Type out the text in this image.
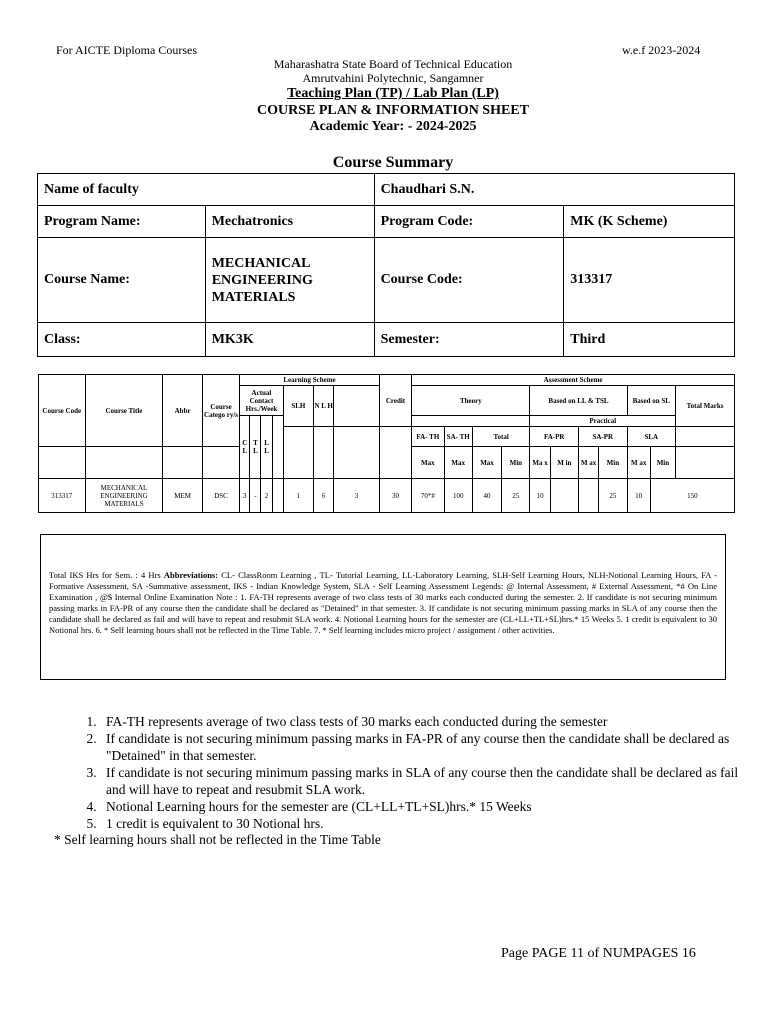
For AICTE Diploma Courses	w.e.f 2023-2024
Maharashatra State Board of Technical Education
Amrutvahini Polytechnic, Sangamner
Teaching Plan (TP) / Lab Plan (LP)
COURSE PLAN & INFORMATION SHEET
Academic Year: - 2024-2025
Course Summary
Name of faculty		Chaudhari S.N.	
Program Name:	Mechatronics	Program Code:	MK (K Scheme)
Course Name:	MECHANICAL
ENGINEERING
MATERIALS	Course Code:	313317
Class:	MK3K	Semester:	Third
Course Code	Course Title	Abbr	Course Catego ry/s	Learning Scheme							Credit	Assessment Scheme										
				Actual Contact Hrs./Week				SLH	N L H			Theory				Based on LL & TSL				Based on SL		Total Marks
				C L	T L	L L										Practical						
												FA- TH	SA- TH	Total		FA-PR		SA-PR		SLA		
												Max	Max	Max	Min	Ma x	M in	M ax	Min	M ax	Min	
313317	MECHANICAL ENGINEERING MATERIALS	MEM	DSC	3	-	2		1	6	3	30	70*#	100	40	25	10			25	10	150	
Total IKS Hrs for Sem. : 4 Hrs Abbreviations: CL- ClassRoom Learning , TL- Tutorial Learning, LL-Laboratory Learning, SLH-Self Learning Hours, NLH-Notional Learning Hours, FA - Formative Assessment, SA -Summative assessment, IKS - Indian Knowledge System, SLA - Self Learning Assessment Legends: @ Internal Assessment, # External Assessment, *# On Line Examination , @$ Internal Online Examination Note : 1. FA-TH represents average of two class tests of 30 marks each conducted during the semester. 2. If candidate is not securing minimum passing marks in FA-PR of any course then the candidate shall be declared as "Detained" in that semester. 3. If candidate is not securing minimum passing marks in SLA of any course then the candidate shall be declared as fail and will have to repeat and resubmit SLA work. 4. Notional Learning hours for the semester are (CL+LL+TL+SL)hrs.* 15 Weeks 5. 1 credit is equivalent to 30 Notional hrs. 6. * Self learning hours shall not be reflected in the Time Table. 7. * Self learning includes micro project / assignment / other activities.
1. FA-TH represents average of two class tests of 30 marks each conducted during the semester
2. If candidate is not securing minimum passing marks in FA-PR of any course then the candidate shall be declared as "Detained" in that semester.
3. If candidate is not securing minimum passing marks in SLA of any course then the candidate shall be declared as fail and will have to repeat and resubmit SLA work.
4. Notional Learning hours for the semester are (CL+LL+TL+SL)hrs.* 15 Weeks
5. 1 credit is equivalent to 30 Notional hrs.
* Self learning hours shall not be reflected in the Time Table
Page PAGE 11 of NUMPAGES 16
